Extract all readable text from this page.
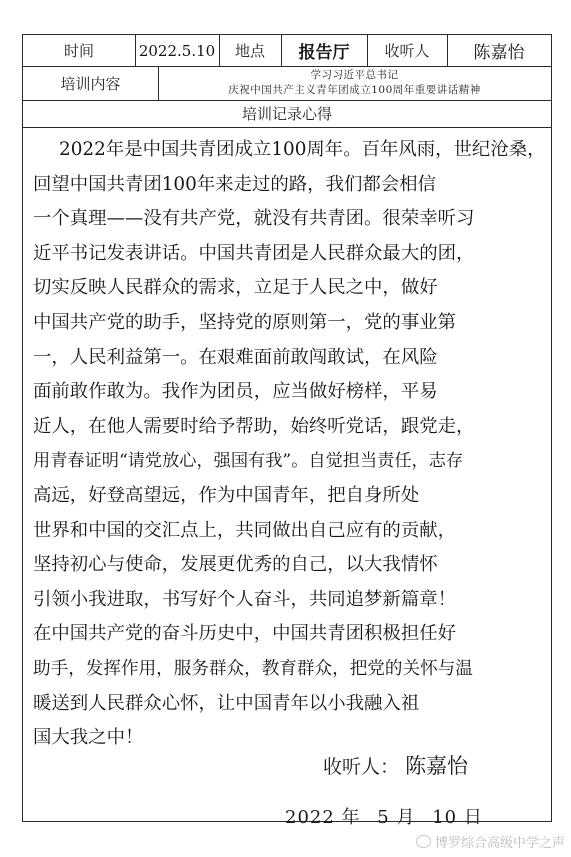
时间	2022.5.10	地点	报告厅	收听人	陈嘉怡
培训内容	学习习近平总书记
庆祝中国共产主义青年团成立100周年重要讲话精神
培训记录心得
2022年是中国共青团成立100周年。百年风雨，世纪沧桑，
回望中国共青团100年来走过的路，我们都会相信
一个真理——没有共产党，就没有共青团。很荣幸听习
近平书记发表讲话。中国共青团是人民群众最大的团，
切实反映人民群众的需求，立足于人民之中，做好
中国共产党的助手，坚持党的原则第一，党的事业第
一，人民利益第一。在艰难面前敢闯敢试，在风险
面前敢作敢为。我作为团员，应当做好榜样，平易
近人，在他人需要时给予帮助，始终听党话，跟党走，
用青春证明“请党放心，强国有我”。自觉担当责任，志存
高远，好登高望远，作为中国青年，把自身所处
世界和中国的交汇点上，共同做出自己应有的贡献，
坚持初心与使命，发展更优秀的自己，以大我情怀
引领小我进取，书写好个人奋斗，共同追梦新篇章！
在中国共产党的奋斗历史中，中国共青团积极担任好
助手，发挥作用，服务群众，教育群众，把党的关怀与温
暖送到人民群众心怀，让中国青年以小我融入祖
国大我之中！
收听人： 陈嘉怡
2022 年 5 月 10 日
博罗综合高级中学之声
